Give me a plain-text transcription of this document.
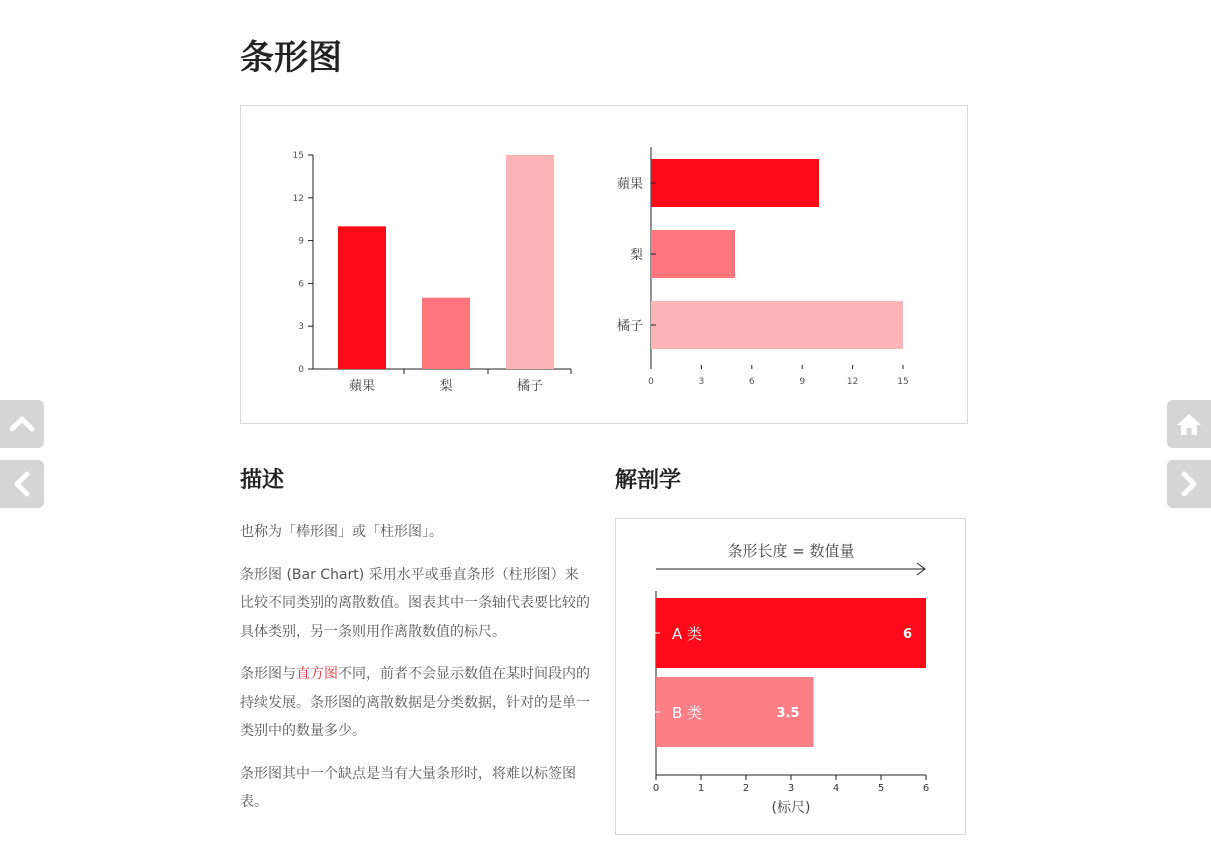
条形图
0
3
6
9
12
15
蘋果	梨	橘子	0	3	6	9	12	15
蘋果
梨
橘子
描述	解剖学

也称为「棒形图」或「柱形图」。

条形图 (Bar Chart) 采用水平或垂直条形（柱形图）来比较不同类别的离散数值。图表其中一条轴代表要比较的具体类别，另一条则用作离散数值的标尺。

条形图与直方图不同，前者不会显示数值在某时间段内的持续发展。条形图的离散数据是分类数据，针对的是单一类别中的数量多少。

条形图其中一个缺点是当有大量条形时，将难以标签图表。

条形长度 = 数值量
0	1	2	3	4	5	6
A 类	6
B 类	3.5
(标尺)
